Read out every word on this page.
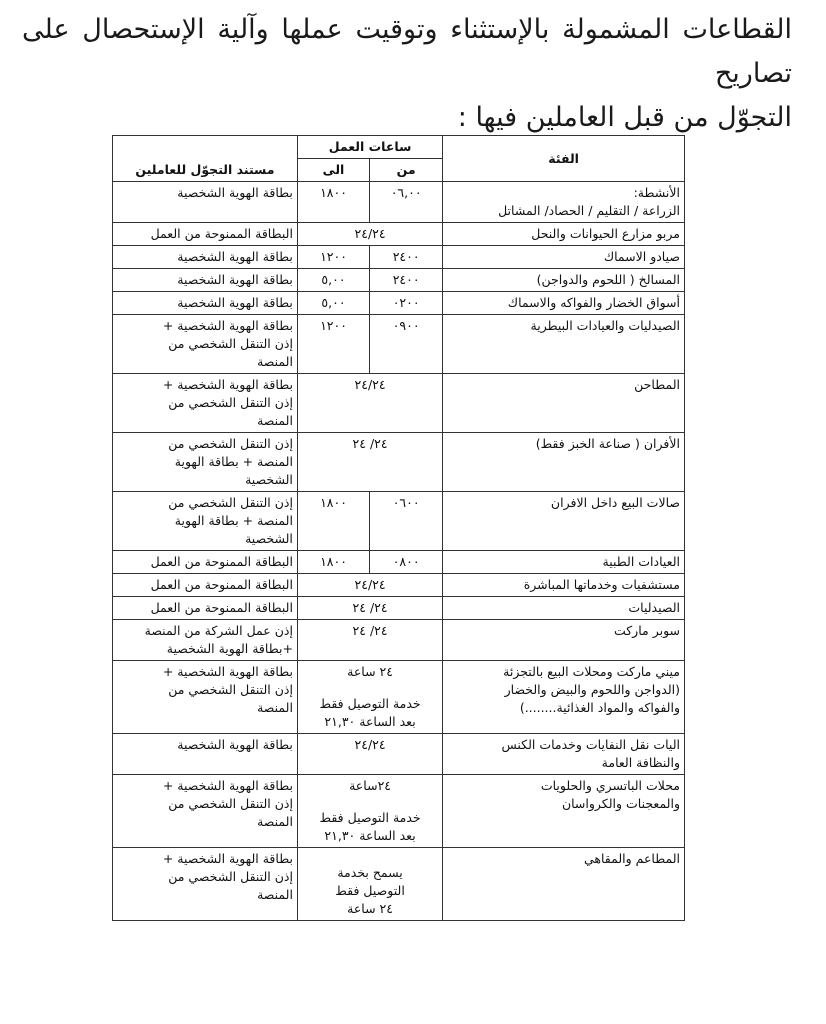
القطاعات المشمولة بالإستثناء وتوقيت عملها وآلية الإستحصال على تصاريح
التجوّل من قبل العاملين فيها :
الفئة	ساعات العمل		
	من	الى	مستند التجوّل للعاملين

الأنشطة:
الزراعة / التقليم / الحصاد/ المشاتل	٠٦,٠٠	١٨٠٠	بطاقة الهوية الشخصية

مربو مزارع الحيوانات والنحل	٢٤/٢٤		البطاقة الممنوحة من العمل

صيادو الاسماك	٢٤٠٠	١٢٠٠	بطاقة الهوية الشخصية

المسالخ ( اللحوم والدواجن)	٢٤٠٠	٥,٠٠	بطاقة الهوية الشخصية

أسواق الخضار والفواكه والاسماك	٠٢٠٠	٥,٠٠	بطاقة الهوية الشخصية

الصيدليات والعيادات البيطرية	٠٩٠٠	١٢٠٠	بطاقة الهوية الشخصية +
إذن التنقل الشخصي من
المنصة

المطاحن	٢٤/٢٤		بطاقة الهوية الشخصية +
إذن التنقل الشخصي من
المنصة

الأفران ( صناعة الخبز فقط)	٢٤/ ٢٤		إذن التنقل الشخصي من
المنصة + بطاقة الهوية
الشخصية

صالات البيع داخل الافران	٠٦٠٠	١٨٠٠	إذن التنقل الشخصي من
المنصة + بطاقة الهوية
الشخصية

العيادات الطبية	٠٨٠٠	١٨٠٠	البطاقة الممنوحة من العمل

مستشفيات وخدماتها المباشرة	٢٤/٢٤		البطاقة الممنوحة من العمل

الصيدليات	٢٤/ ٢٤		البطاقة الممنوحة من العمل

سوبر ماركت	٢٤/ ٢٤		إذن عمل الشركة من المنصة
+بطاقة الهوية الشخصية

ميني ماركت ومحلات البيع بالتجزئة
(الدواجن واللحوم والبيض والخضار
والفواكه والمواد الغذائية........)	٢٤ ساعة
خدمة التوصيل فقط
بعد الساعة ٢١,٣٠		بطاقة الهوية الشخصية +
إذن التنقل الشخصي من
المنصة

اليات نقل النفايات وخدمات الكنس
والنظافة العامة	٢٤/٢٤		بطاقة الهوية الشخصية

محلات الباتسري والحلويات
والمعجنات والكرواسان	٢٤ساعة
خدمة التوصيل فقط
بعد الساعة ٢١,٣٠		بطاقة الهوية الشخصية +
إذن التنقل الشخصي من
المنصة

المطاعم والمقاهي	يسمح بخدمة
التوصيل فقط
٢٤ ساعة		بطاقة الهوية الشخصية +
إذن التنقل الشخصي من
المنصة
